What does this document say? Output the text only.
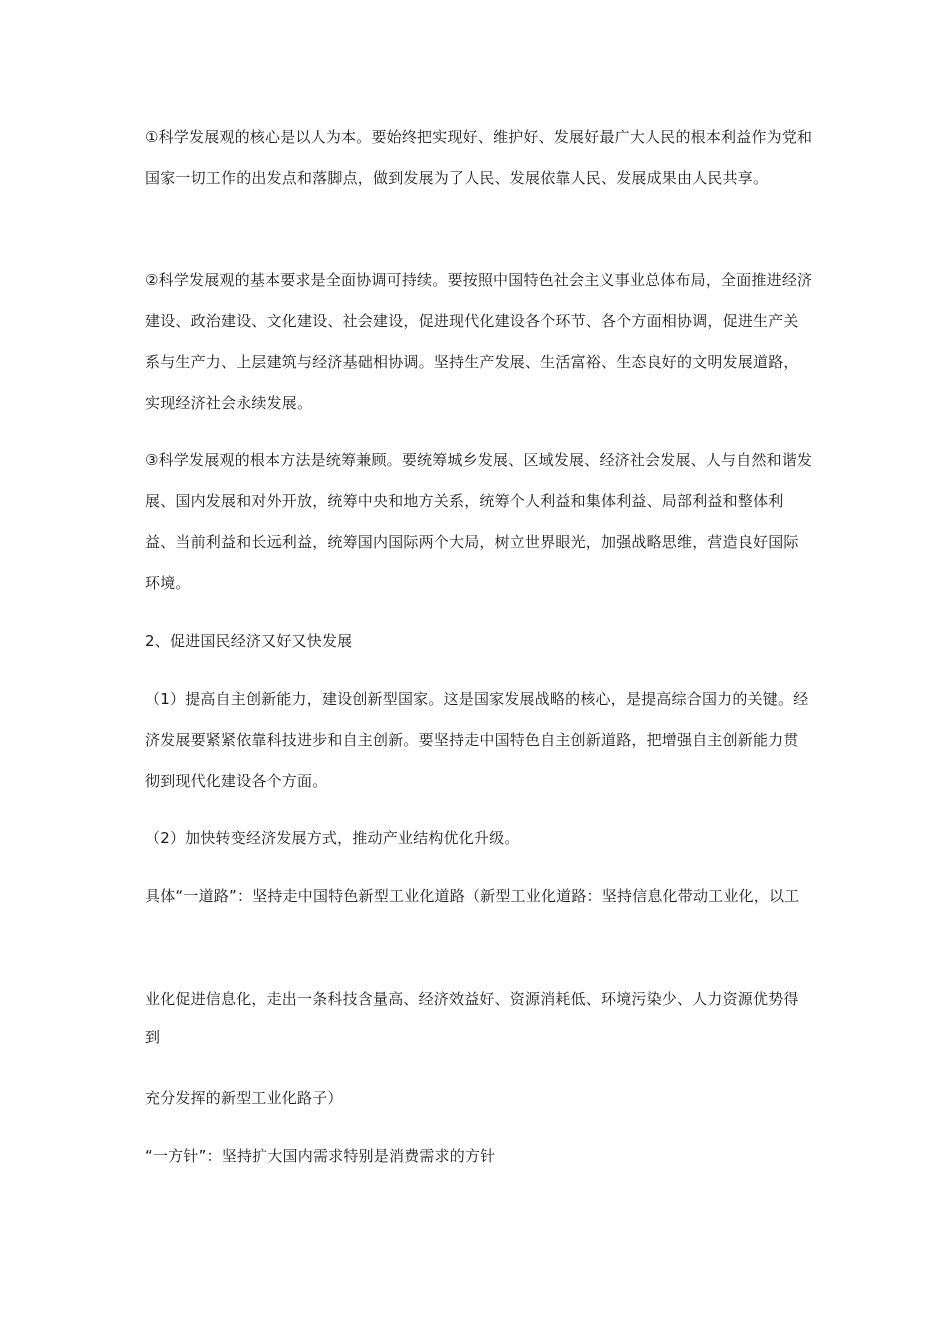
①科学发展观的核心是以人为本。要始终把实现好、维护好、发展好最广大人民的根本利益作为党和国家一切工作的出发点和落脚点，做到发展为了人民、发展依靠人民、发展成果由人民共享。

②科学发展观的基本要求是全面协调可持续。要按照中国特色社会主义事业总体布局，全面推进经济建设、政治建设、文化建设、社会建设，促进现代化建设各个环节、各个方面相协调，促进生产关系与生产力、上层建筑与经济基础相协调。坚持生产发展、生活富裕、生态良好的文明发展道路，实现经济社会永续发展。

③科学发展观的根本方法是统筹兼顾。要统筹城乡发展、区域发展、经济社会发展、人与自然和谐发展、国内发展和对外开放，统筹中央和地方关系，统筹个人利益和集体利益、局部利益和整体利益、当前利益和长远利益，统筹国内国际两个大局，树立世界眼光，加强战略思维，营造良好国际环境。

2、促进国民经济又好又快发展

（1）提高自主创新能力，建设创新型国家。这是国家发展战略的核心，是提高综合国力的关键。经济发展要紧紧依靠科技进步和自主创新。要坚持走中国特色自主创新道路，把增强自主创新能力贯彻到现代化建设各个方面。

（2）加快转变经济发展方式，推动产业结构优化升级。

具体“一道路”：坚持走中国特色新型工业化道路（新型工业化道路：坚持信息化带动工业化，以工

业化促进信息化，走出一条科技含量高、经济效益好、资源消耗低、环境污染少、人力资源优势得到

充分发挥的新型工业化路子）

“一方针”：坚持扩大国内需求特别是消费需求的方针
